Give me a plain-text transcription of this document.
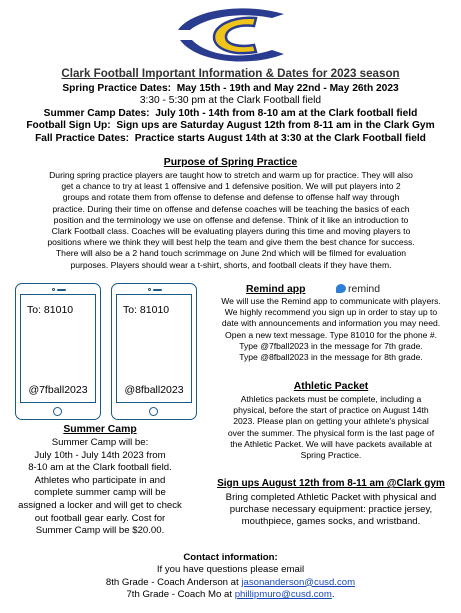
Clark Football Important Information & Dates for 2023 season
Spring Practice Dates: May 15th - 19th and May 22nd - May 26th 2023
3:30 - 5:30 pm at the Clark Football field
Summer Camp Dates: July 10th - 14th from 8-10 am at the Clark football field
Football Sign Up: Sign ups are Saturday August 12th from 8-11 am in the Clark Gym
Fall Practice Dates: Practice starts August 14th at 3:30 at the Clark Football field
Purpose of Spring Practice
During spring practice players are taught how to stretch and warm up for practice. They will also
get a chance to try at least 1 offensive and 1 defensive position. We will put players into 2
groups and rotate them from offense to defense and defense to offense half way through
practice. During their time on offense and defense coaches will be teaching the basics of each
position and the terminology we use on offense and defense. Think of it like an introduction to
Clark Football class. Coaches will be evaluating players during this time and moving players to
positions where we think they will best help the team and give them the best chance for success.
There will also be a 2 hand touch scrimmage on June 2nd which will be filmed for evaluation
purposes. Players should wear a t-shirt, shorts, and football cleats if they have them.
To: 81010
@7fball2023
To: 81010
@8fball2023
Remind app	remind
We will use the Remind app to communicate with players.
We highly recommend you sign up in order to stay up to
date with announcements and information you may need.
Open a new text message. Type 81010 for the phone #.
Type @7fball2023 in the message for 7th grade.
Type @8fball2023 in the message for 8th grade.
Athletic Packet
Athletics packets must be complete, including a
physical, before the start of practice on August 14th
2023. Please plan on getting your athlete's physical
over the summer. The physical form is the last page of
the Athletic Packet. We will have packets available at
Spring Practice.
Sign ups August 12th from 8-11 am @Clark gym
Bring completed Athletic Packet with physical and
purchase necessary equipment: practice jersey,
mouthpiece, games socks, and wristband.
Summer Camp
Summer Camp will be:
July 10th - July 14th 2023 from
8-10 am at the Clark football field.
Athletes who participate in and
complete summer camp will be
assigned a locker and will get to check
out football gear early. Cost for
Summer Camp will be $20.00.
Contact information:
If you have questions please email
8th Grade - Coach Anderson at jasonanderson@cusd.com
7th Grade - Coach Mo at phillipmuro@cusd.com.
